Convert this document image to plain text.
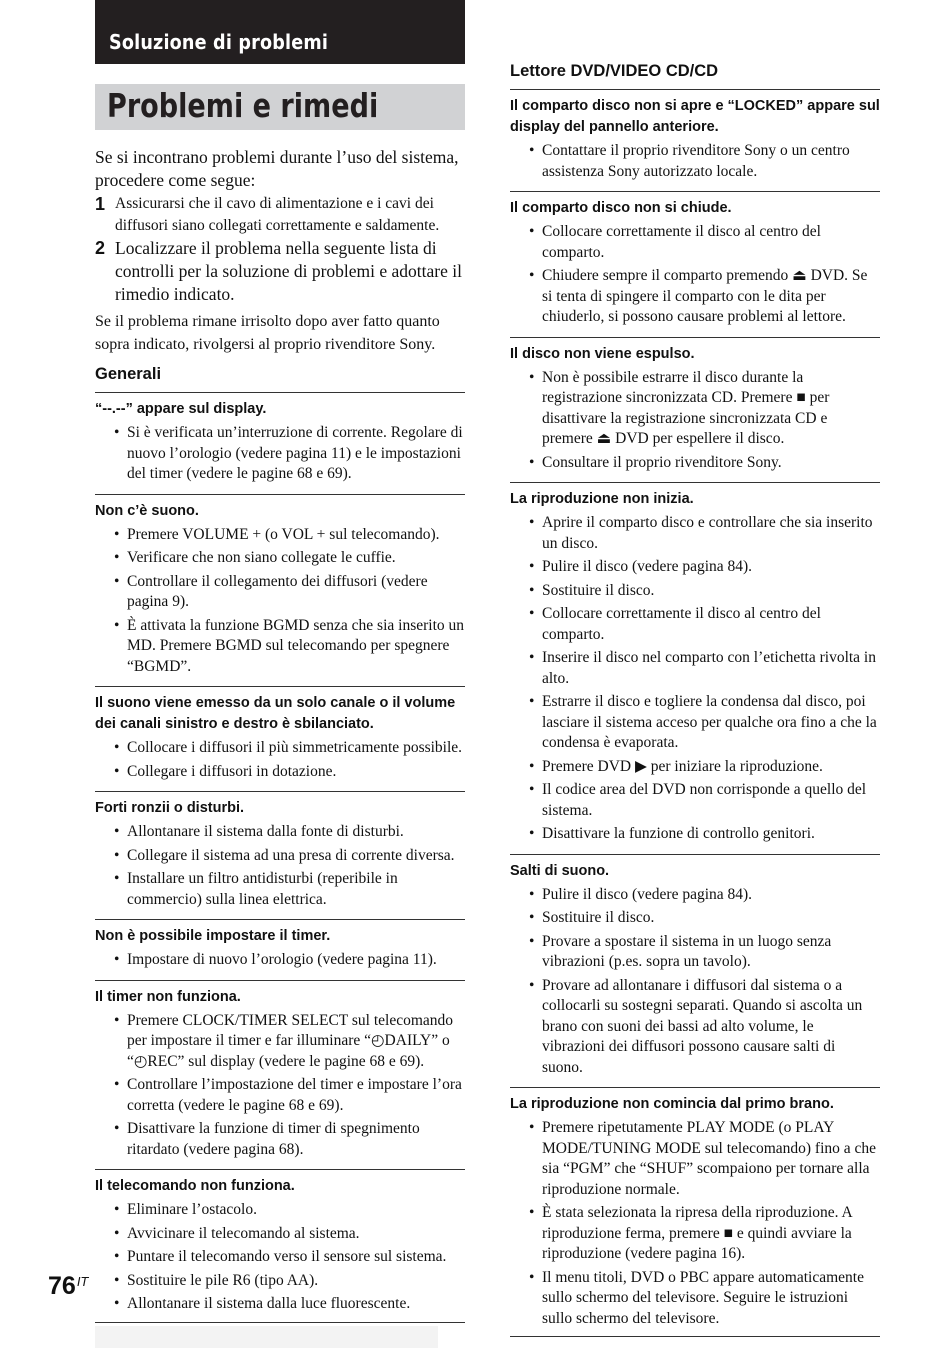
Soluzione di problemi
Problemi e rimedi

Se si incontrano problemi durante l’uso del sistema, procedere come segue:

1 Assicurarsi che il cavo di alimentazione e i cavi dei diffusori siano collegati correttamente e saldamente.
2 Localizzare il problema nella seguente lista di controlli per la soluzione di problemi e adottare il rimedio indicato.

Se il problema rimane irrisolto dopo aver fatto quanto sopra indicato, rivolgersi al proprio rivenditore Sony.

Generali
“--.--” appare sul display.
• Si è verificata un’interruzione di corrente. Regolare di nuovo l’orologio (vedere pagina 11) e le impostazioni del timer (vedere le pagine 68 e 69).
Non c’è suono.
• Premere VOLUME + (o VOL + sul telecomando).
• Verificare che non siano collegate le cuffie.
• Controllare il collegamento dei diffusori (vedere pagina 9).
• È attivata la funzione BGMD senza che sia inserito un MD. Premere BGMD sul telecomando per spegnere “BGMD”.
Il suono viene emesso da un solo canale o il volume dei canali sinistro e destro è sbilanciato.
• Collocare i diffusori il più simmetricamente possibile.
• Collegare i diffusori in dotazione.
Forti ronzii o disturbi.
• Allontanare il sistema dalla fonte di disturbi.
• Collegare il sistema ad una presa di corrente diversa.
• Installare un filtro antidisturbi (reperibile in commercio) sulla linea elettrica.
Non è possibile impostare il timer.
• Impostare di nuovo l’orologio (vedere pagina 11).
Il timer non funziona.
• Premere CLOCK/TIMER SELECT sul telecomando per impostare il timer e far illuminare “◴DAILY” o “◴REC” sul display (vedere le pagine 68 e 69).
• Controllare l’impostazione del timer e impostare l’ora corretta (vedere le pagine 68 e 69).
• Disattivare la funzione di timer di spegnimento ritardato (vedere pagina 68).
Il telecomando non funziona.
• Eliminare l’ostacolo.
• Avvicinare il telecomando al sistema.
• Puntare il telecomando verso il sensore sul sistema.
• Sostituire le pile R6 (tipo AA).
• Allontanare il sistema dalla luce fluorescente.
Lettore DVD/VIDEO CD/CD
Il comparto disco non si apre e “LOCKED” appare sul display del pannello anteriore.
• Contattare il proprio rivenditore Sony o un centro assistenza Sony autorizzato locale.
Il comparto disco non si chiude.
• Collocare correttamente il disco al centro del comparto.
• Chiudere sempre il comparto premendo ⏏ DVD. Se si tenta di spingere il comparto con le dita per chiuderlo, si possono causare problemi al lettore.
Il disco non viene espulso.
• Non è possibile estrarre il disco durante la registrazione sincronizzata CD. Premere ■ per disattivare la registrazione sincronizzata CD e premere ⏏ DVD per espellere il disco.
• Consultare il proprio rivenditore Sony.
La riproduzione non inizia.
• Aprire il comparto disco e controllare che sia inserito un disco.
• Pulire il disco (vedere pagina 84).
• Sostituire il disco.
• Collocare correttamente il disco al centro del comparto.
• Inserire il disco nel comparto con l’etichetta rivolta in alto.
• Estrarre il disco e togliere la condensa dal disco, poi lasciare il sistema acceso per qualche ora fino a che la condensa è evaporata.
• Premere DVD ▶ per iniziare la riproduzione.
• Il codice area del DVD non corrisponde a quello del sistema.
• Disattivare la funzione di controllo genitori.
Salti di suono.
• Pulire il disco (vedere pagina 84).
• Sostituire il disco.
• Provare a spostare il sistema in un luogo senza vibrazioni (p.es. sopra un tavolo).
• Provare ad allontanare i diffusori dal sistema o a collocarli su sostegni separati. Quando si ascolta un brano con suoni dei bassi ad alto volume, le vibrazioni dei diffusori possono causare salti di suono.
La riproduzione non comincia dal primo brano.
• Premere ripetutamente PLAY MODE (o PLAY MODE/TUNING MODE sul telecomando) fino a che sia “PGM” che “SHUF” scompaiono per tornare alla riproduzione normale.
• È stata selezionata la ripresa della riproduzione. A riproduzione ferma, premere ■ e quindi avviare la riproduzione (vedere pagina 16).
• Il menu titoli, DVD o PBC appare automaticamente sullo schermo del televisore. Seguire le istruzioni sullo schermo del televisore.
$76^{IT}$
